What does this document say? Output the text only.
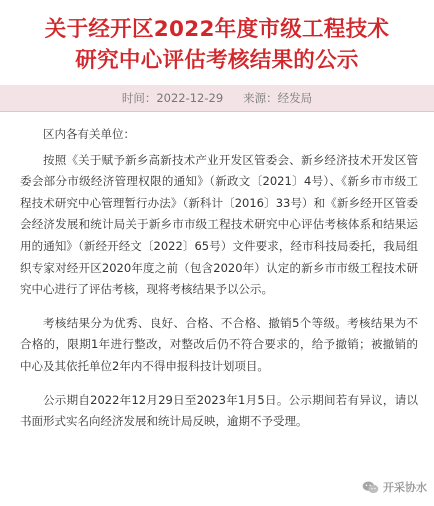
关于经开区2022年度市级工程技术
研究中心评估考核结果的公示
时间：2022-12-29 来源：经发局

区内各有关单位：

按照《关于赋予新乡高新技术产业开发区管委会、新乡经济技术开发区管委会部分市级经济管理权限的通知》（新政文〔2021〕4号）、《新乡市市级工程技术研究中心管理暂行办法》（新科计〔2016〕33号）和《新乡经开区管委会经济发展和统计局关于新乡市市级工程技术研究中心评估考核体系和结果运用的通知》（新经开经文〔2022〕65号）文件要求，经市科技局委托，我局组织专家对经开区2020年度之前（包含2020年）认定的新乡市市级工程技术研究中心进行了评估考核，现将考核结果予以公示。

考核结果分为优秀、良好、合格、不合格、撤销5个等级。考核结果为不合格的，限期1年进行整改，对整改后仍不符合要求的，给予撤销；被撤销的中心及其依托单位2年内不得申报科技计划项目。

公示期自2022年12月29日至2023年1月5日。公示期间若有异议，请以书面形式实名向经济发展和统计局反映，逾期不予受理。

开采协水
